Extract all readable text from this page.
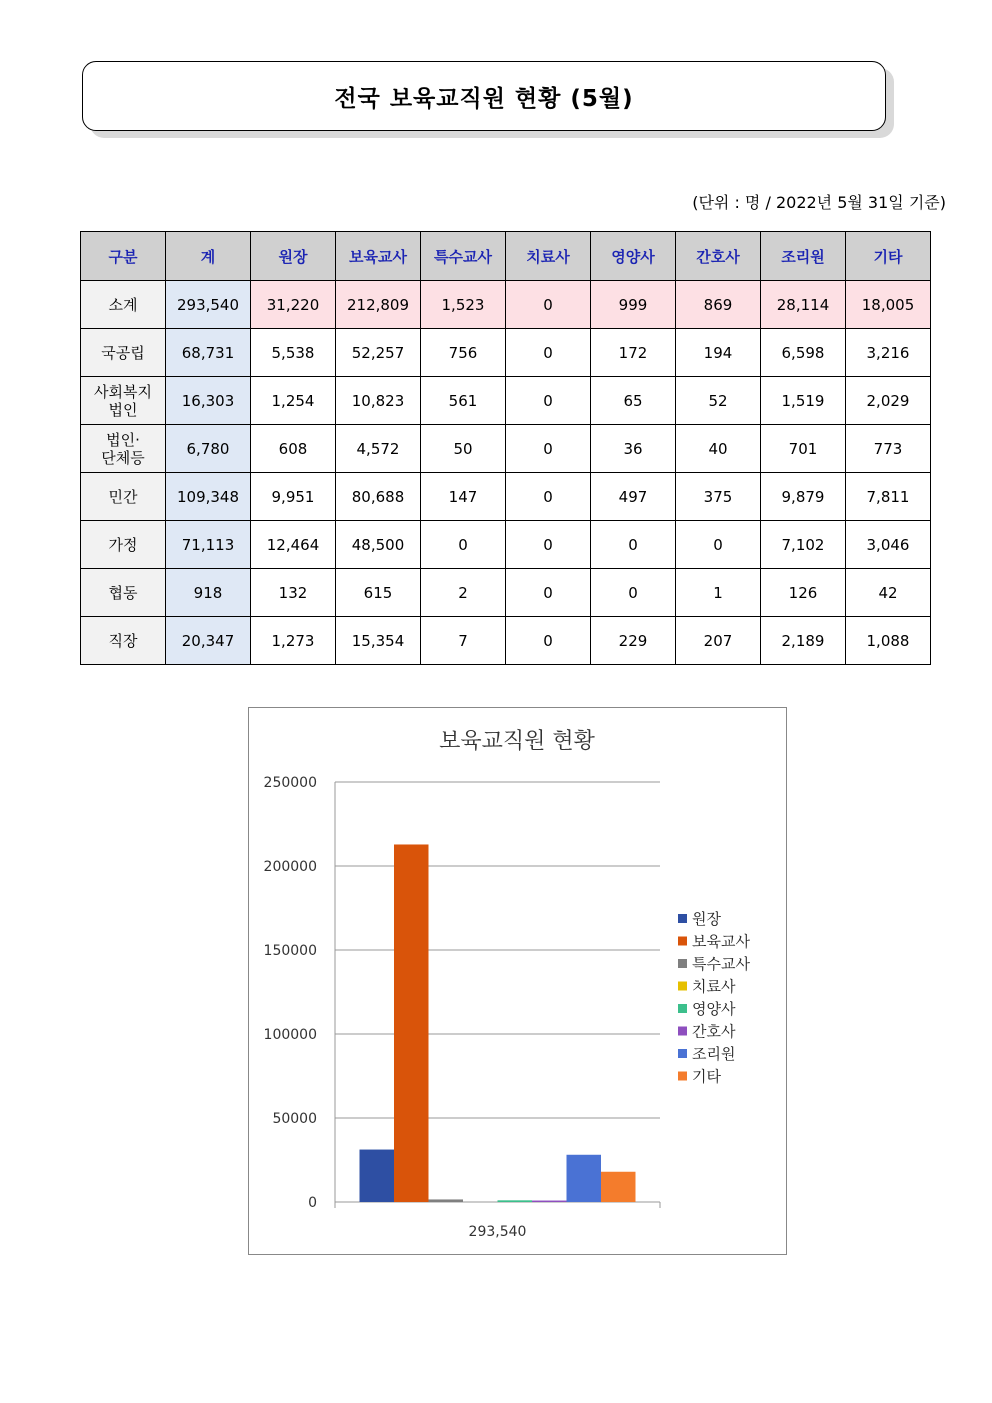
전국 보육교직원 현황 (5월)
(단위 : 명 / 2022년 5월 31일 기준)
구분	계	원장	보육교사	특수교사	치료사	영양사	간호사	조리원	기타
소계	293,540	31,220	212,809	1,523	0	999	869	28,114	18,005
국공립	68,731	5,538	52,257	756	0	172	194	6,598	3,216
사회복지
법인	16,303	1,254	10,823	561	0	65	52	1,519	2,029
법인·
단체등	6,780	608	4,572	50	0	36	40	701	773
민간	109,348	9,951	80,688	147	0	497	375	9,879	7,811
가정	71,113	12,464	48,500	0	0	0	0	7,102	3,046
협동	918	132	615	2	0	0	1	126	42
직장	20,347	1,273	15,354	7	0	229	207	2,189	1,088
보육교직원 현황
0
50000
100000
150000
200000
250000
293,540
원장
보육교사
특수교사
치료사
영양사
간호사
조리원
기타
